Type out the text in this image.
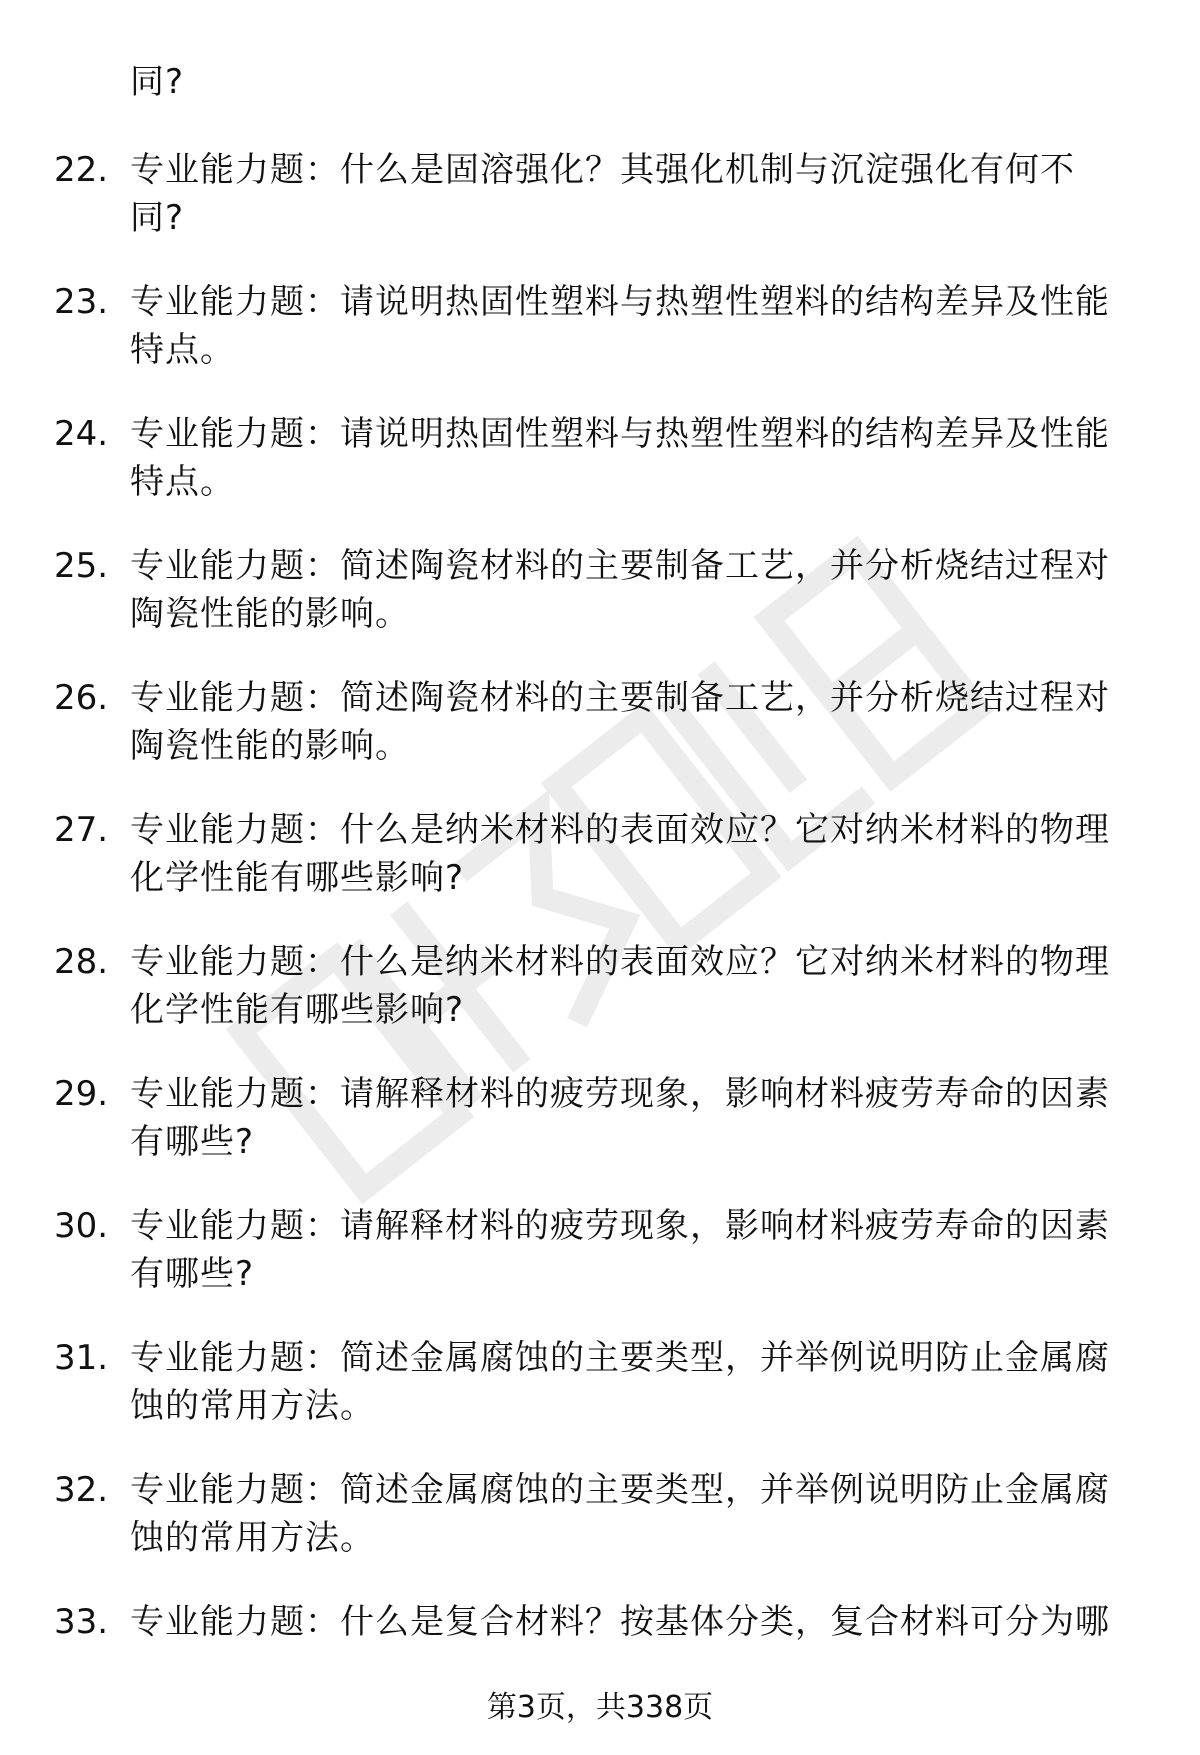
同?
22. 专业能力题：什么是固溶强化？其强化机制与沉淀强化有何不
同?
23. 专业能力题：请说明热固性塑料与热塑性塑料的结构差异及性能
特点。
24. 专业能力题：请说明热固性塑料与热塑性塑料的结构差异及性能
特点。
25. 专业能力题：简述陶瓷材料的主要制备工艺，并分析烧结过程对
陶瓷性能的影响。
26. 专业能力题：简述陶瓷材料的主要制备工艺，并分析烧结过程对
陶瓷性能的影响。
27. 专业能力题：什么是纳米材料的表面效应？它对纳米材料的物理
化学性能有哪些影响?
28. 专业能力题：什么是纳米材料的表面效应？它对纳米材料的物理
化学性能有哪些影响?
29. 专业能力题：请解释材料的疲劳现象，影响材料疲劳寿命的因素
有哪些?
30. 专业能力题：请解释材料的疲劳现象，影响材料疲劳寿命的因素
有哪些?
31. 专业能力题：简述金属腐蚀的主要类型，并举例说明防止金属腐
蚀的常用方法。
32. 专业能力题：简述金属腐蚀的主要类型，并举例说明防止金属腐
蚀的常用方法。
33. 专业能力题：什么是复合材料？按基体分类，复合材料可分为哪
第3页，共338页
